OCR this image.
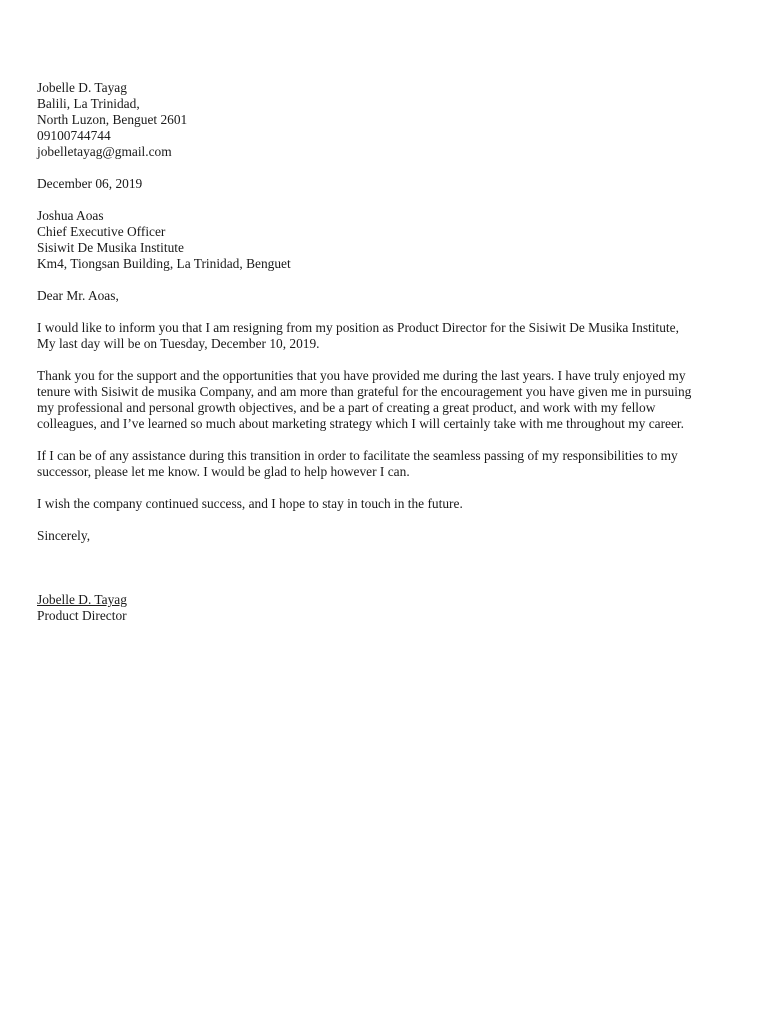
Jobelle D. Tayag
Balili, La Trinidad,
North Luzon, Benguet 2601
09100744744
jobelletayag@gmail.com
December 06, 2019
Joshua Aoas
Chief Executive Officer
Sisiwit De Musika Institute
Km4, Tiongsan Building, La Trinidad, Benguet
Dear Mr. Aoas,
I would like to inform you that I am resigning from my position as Product Director for the Sisiwit De Musika Institute,
My last day will be on Tuesday, December 10, 2019.
Thank you for the support and the opportunities that you have provided me during the last years. I have truly enjoyed my
tenure with Sisiwit de musika Company, and am more than grateful for the encouragement you have given me in pursuing
my professional and personal growth objectives, and be a part of creating a great product, and work with my fellow
colleagues, and I’ve learned so much about marketing strategy which I will certainly take with me throughout my career.
If I can be of any assistance during this transition in order to facilitate the seamless passing of my responsibilities to my
successor, please let me know. I would be glad to help however I can.
I wish the company continued success, and I hope to stay in touch in the future.
Sincerely,
Jobelle D. Tayag
Product Director
